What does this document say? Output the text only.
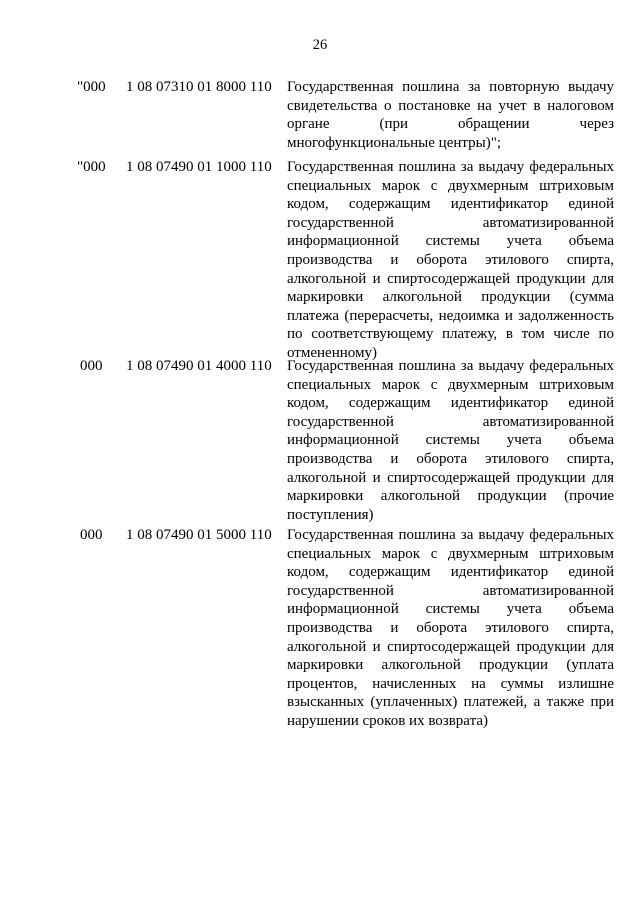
26
"000	1 08 07310 01 8000 110 Государственная пошлина за повторную выдачу свидетельства о постановке на учет в налоговом органе (при обращении через многофункциональные центры)";
"000	1 08 07490 01 1000 110 Государственная пошлина за выдачу федеральных специальных марок с двухмерным штриховым кодом, содержащим идентификатор единой государственной автоматизированной информационной системы учета объема производства и оборота этилового спирта, алкогольной и спиртосодержащей продукции для маркировки алкогольной продукции (сумма платежа (перерасчеты, недоимка и задолженность по соответствующему платежу, в том числе по отмененному)
000	1 08 07490 01 4000 110 Государственная пошлина за выдачу федеральных специальных марок с двухмерным штриховым кодом, содержащим идентификатор единой государственной автоматизированной информационной системы учета объема производства и оборота этилового спирта, алкогольной и спиртосодержащей продукции для маркировки алкогольной продукции (прочие поступления)
000	1 08 07490 01 5000 110 Государственная пошлина за выдачу федеральных специальных марок с двухмерным штриховым кодом, содержащим идентификатор единой государственной автоматизированной информационной системы учета объема производства и оборота этилового спирта, алкогольной и спиртосодержащей продукции для маркировки алкогольной продукции (уплата процентов, начисленных на суммы излишне взысканных (уплаченных) платежей, а также при нарушении сроков их возврата)
